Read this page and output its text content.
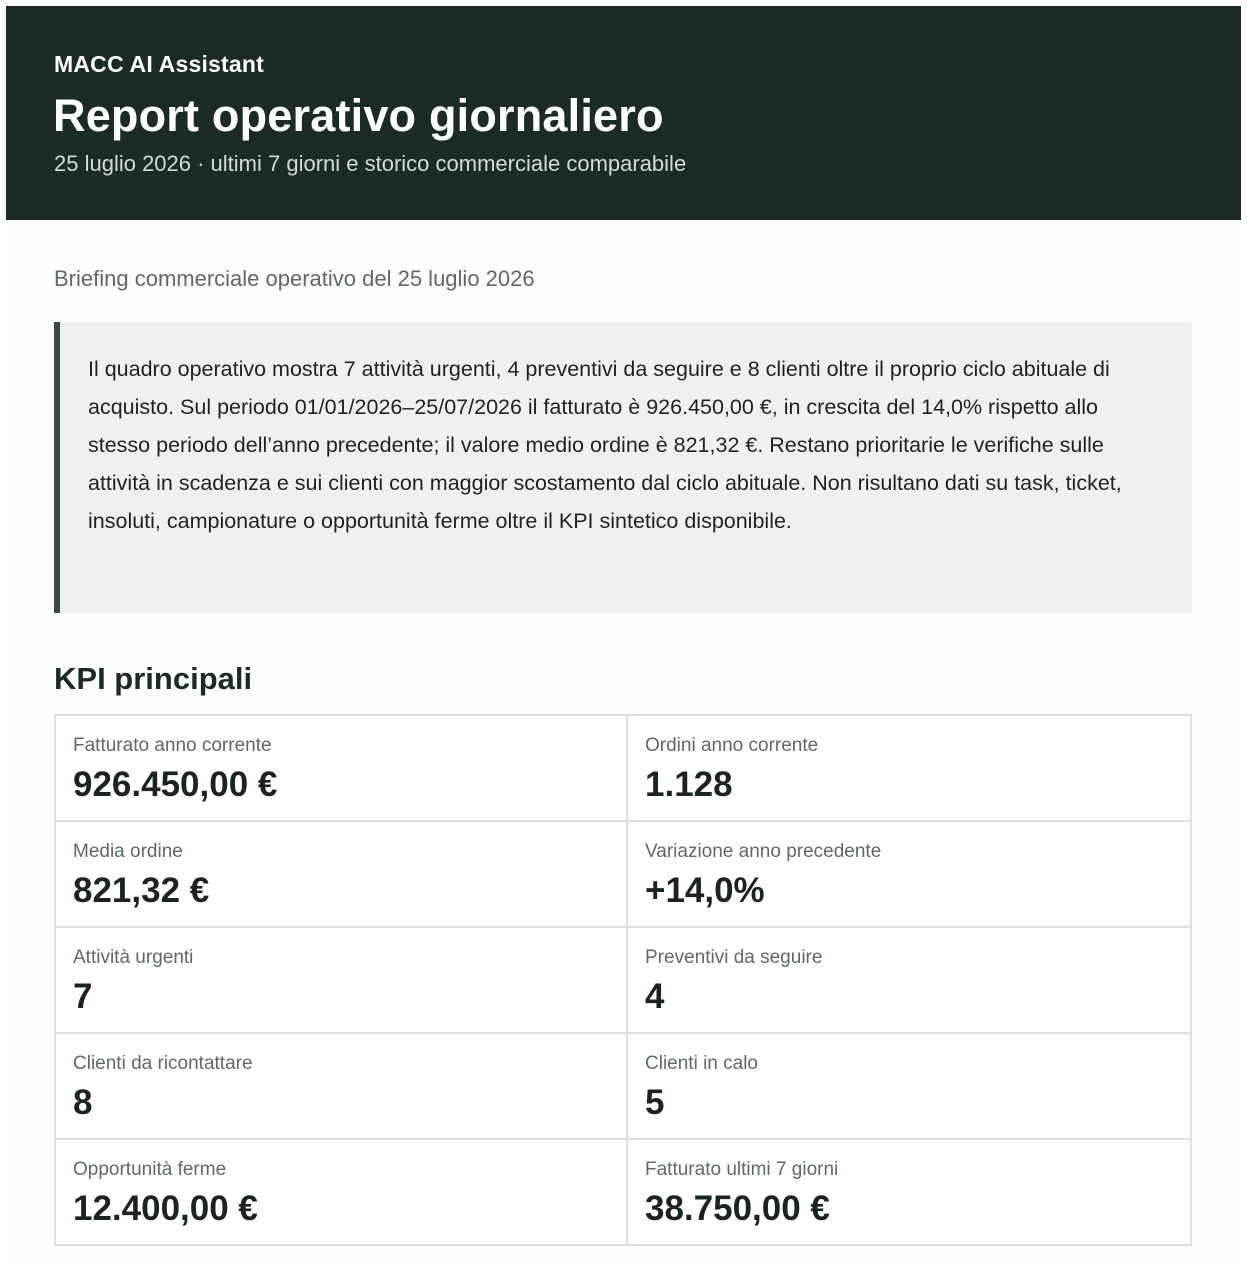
MACC AI Assistant
Report operativo giornaliero
25 luglio 2026 · ultimi 7 giorni e storico commerciale comparabile
Briefing commerciale operativo del 25 luglio 2026
Il quadro operativo mostra 7 attività urgenti, 4 preventivi da seguire e 8 clienti oltre il proprio ciclo abituale di acquisto. Sul periodo 01/01/2026–25/07/2026 il fatturato è 926.450,00 €, in crescita del 14,0% rispetto allo stesso periodo dell’anno precedente; il valore medio ordine è 821,32 €. Restano prioritarie le verifiche sulle attività in scadenza e sui clienti con maggior scostamento dal ciclo abituale. Non risultano dati su task, ticket, insoluti, campionature o opportunità ferme oltre il KPI sintetico disponibile.
KPI principali
Fatturato anno corrente
926.450,00 €
Ordini anno corrente
1.128
Media ordine
821,32 €
Variazione anno precedente
+14,0%
Attività urgenti
7
Preventivi da seguire
4
Clienti da ricontattare
8
Clienti in calo
5
Opportunità ferme
12.400,00 €
Fatturato ultimi 7 giorni
38.750,00 €
